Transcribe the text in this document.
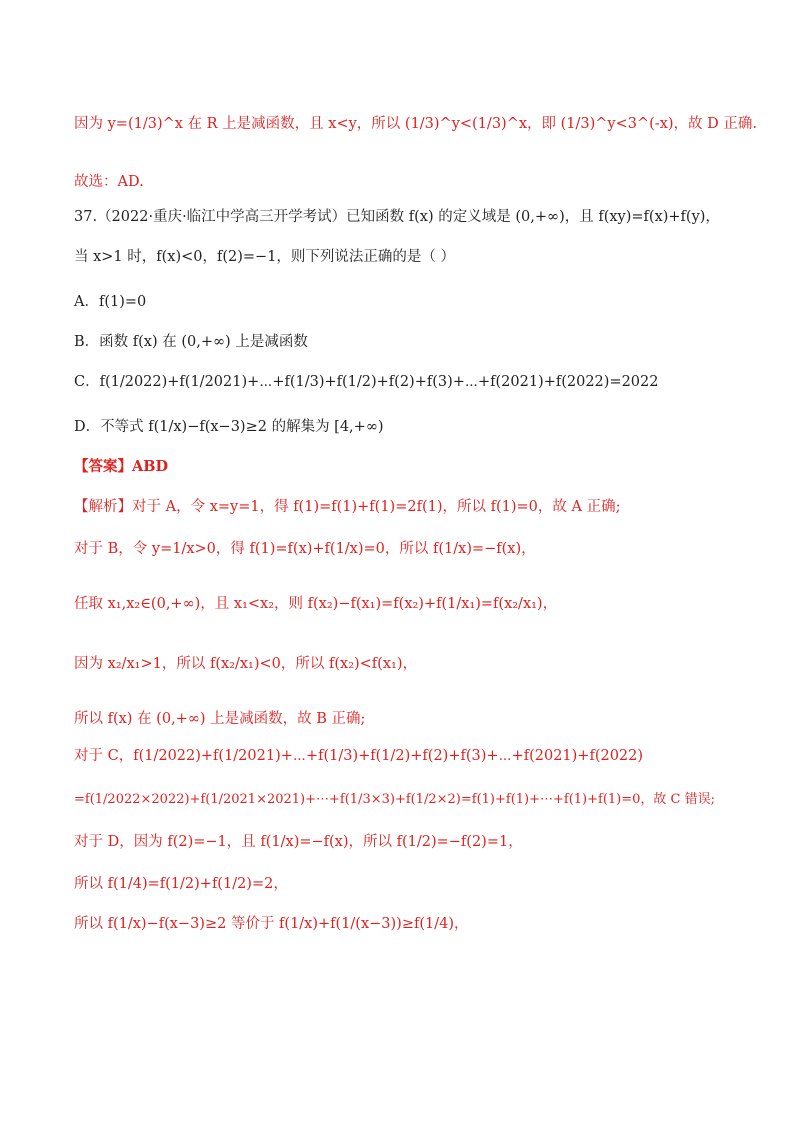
因为 y=(1/3)^x 在 R 上是减函数，且 x<y，所以 (1/3)^y<(1/3)^x，即 (1/3)^y<3^(-x)，故 D 正确.
故选：AD.
37.（2022·重庆·临江中学高三开学考试）已知函数 f(x) 的定义域是 (0,+∞)，且 f(xy)=f(x)+f(y)，
当 x>1 时，f(x)<0，f(2)=−1，则下列说法正确的是（ ）
A．f(1)=0
B．函数 f(x) 在 (0,+∞) 上是减函数
C．f(1/2022)+f(1/2021)+⋯+f(1/3)+f(1/2)+f(2)+f(3)+⋯+f(2021)+f(2022)=2022
D．不等式 f(1/x)−f(x−3)≥2 的解集为 [4,+∞)
【答案】ABD
【解析】对于 A，令 x=y=1，得 f(1)=f(1)+f(1)=2f(1)，所以 f(1)=0，故 A 正确;
对于 B，令 y=1/x>0，得 f(1)=f(x)+f(1/x)=0，所以 f(1/x)=−f(x)，
任取 x₁,x₂∈(0,+∞)，且 x₁<x₂，则 f(x₂)−f(x₁)=f(x₂)+f(1/x₁)=f(x₂/x₁)，
因为 x₂/x₁>1，所以 f(x₂/x₁)<0，所以 f(x₂)<f(x₁)，
所以 f(x) 在 (0,+∞) 上是减函数，故 B 正确;
对于 C，f(1/2022)+f(1/2021)+⋯+f(1/3)+f(1/2)+f(2)+f(3)+⋯+f(2021)+f(2022)
=f(1/2022×2022)+f(1/2021×2021)+⋯+f(1/3×3)+f(1/2×2)=f(1)+f(1)+⋯+f(1)+f(1)=0，故 C 错误;
对于 D，因为 f(2)=−1，且 f(1/x)=−f(x)，所以 f(1/2)=−f(2)=1，
所以 f(1/4)=f(1/2)+f(1/2)=2，
所以 f(1/x)−f(x−3)≥2 等价于 f(1/x)+f(1/(x−3))≥f(1/4)，
